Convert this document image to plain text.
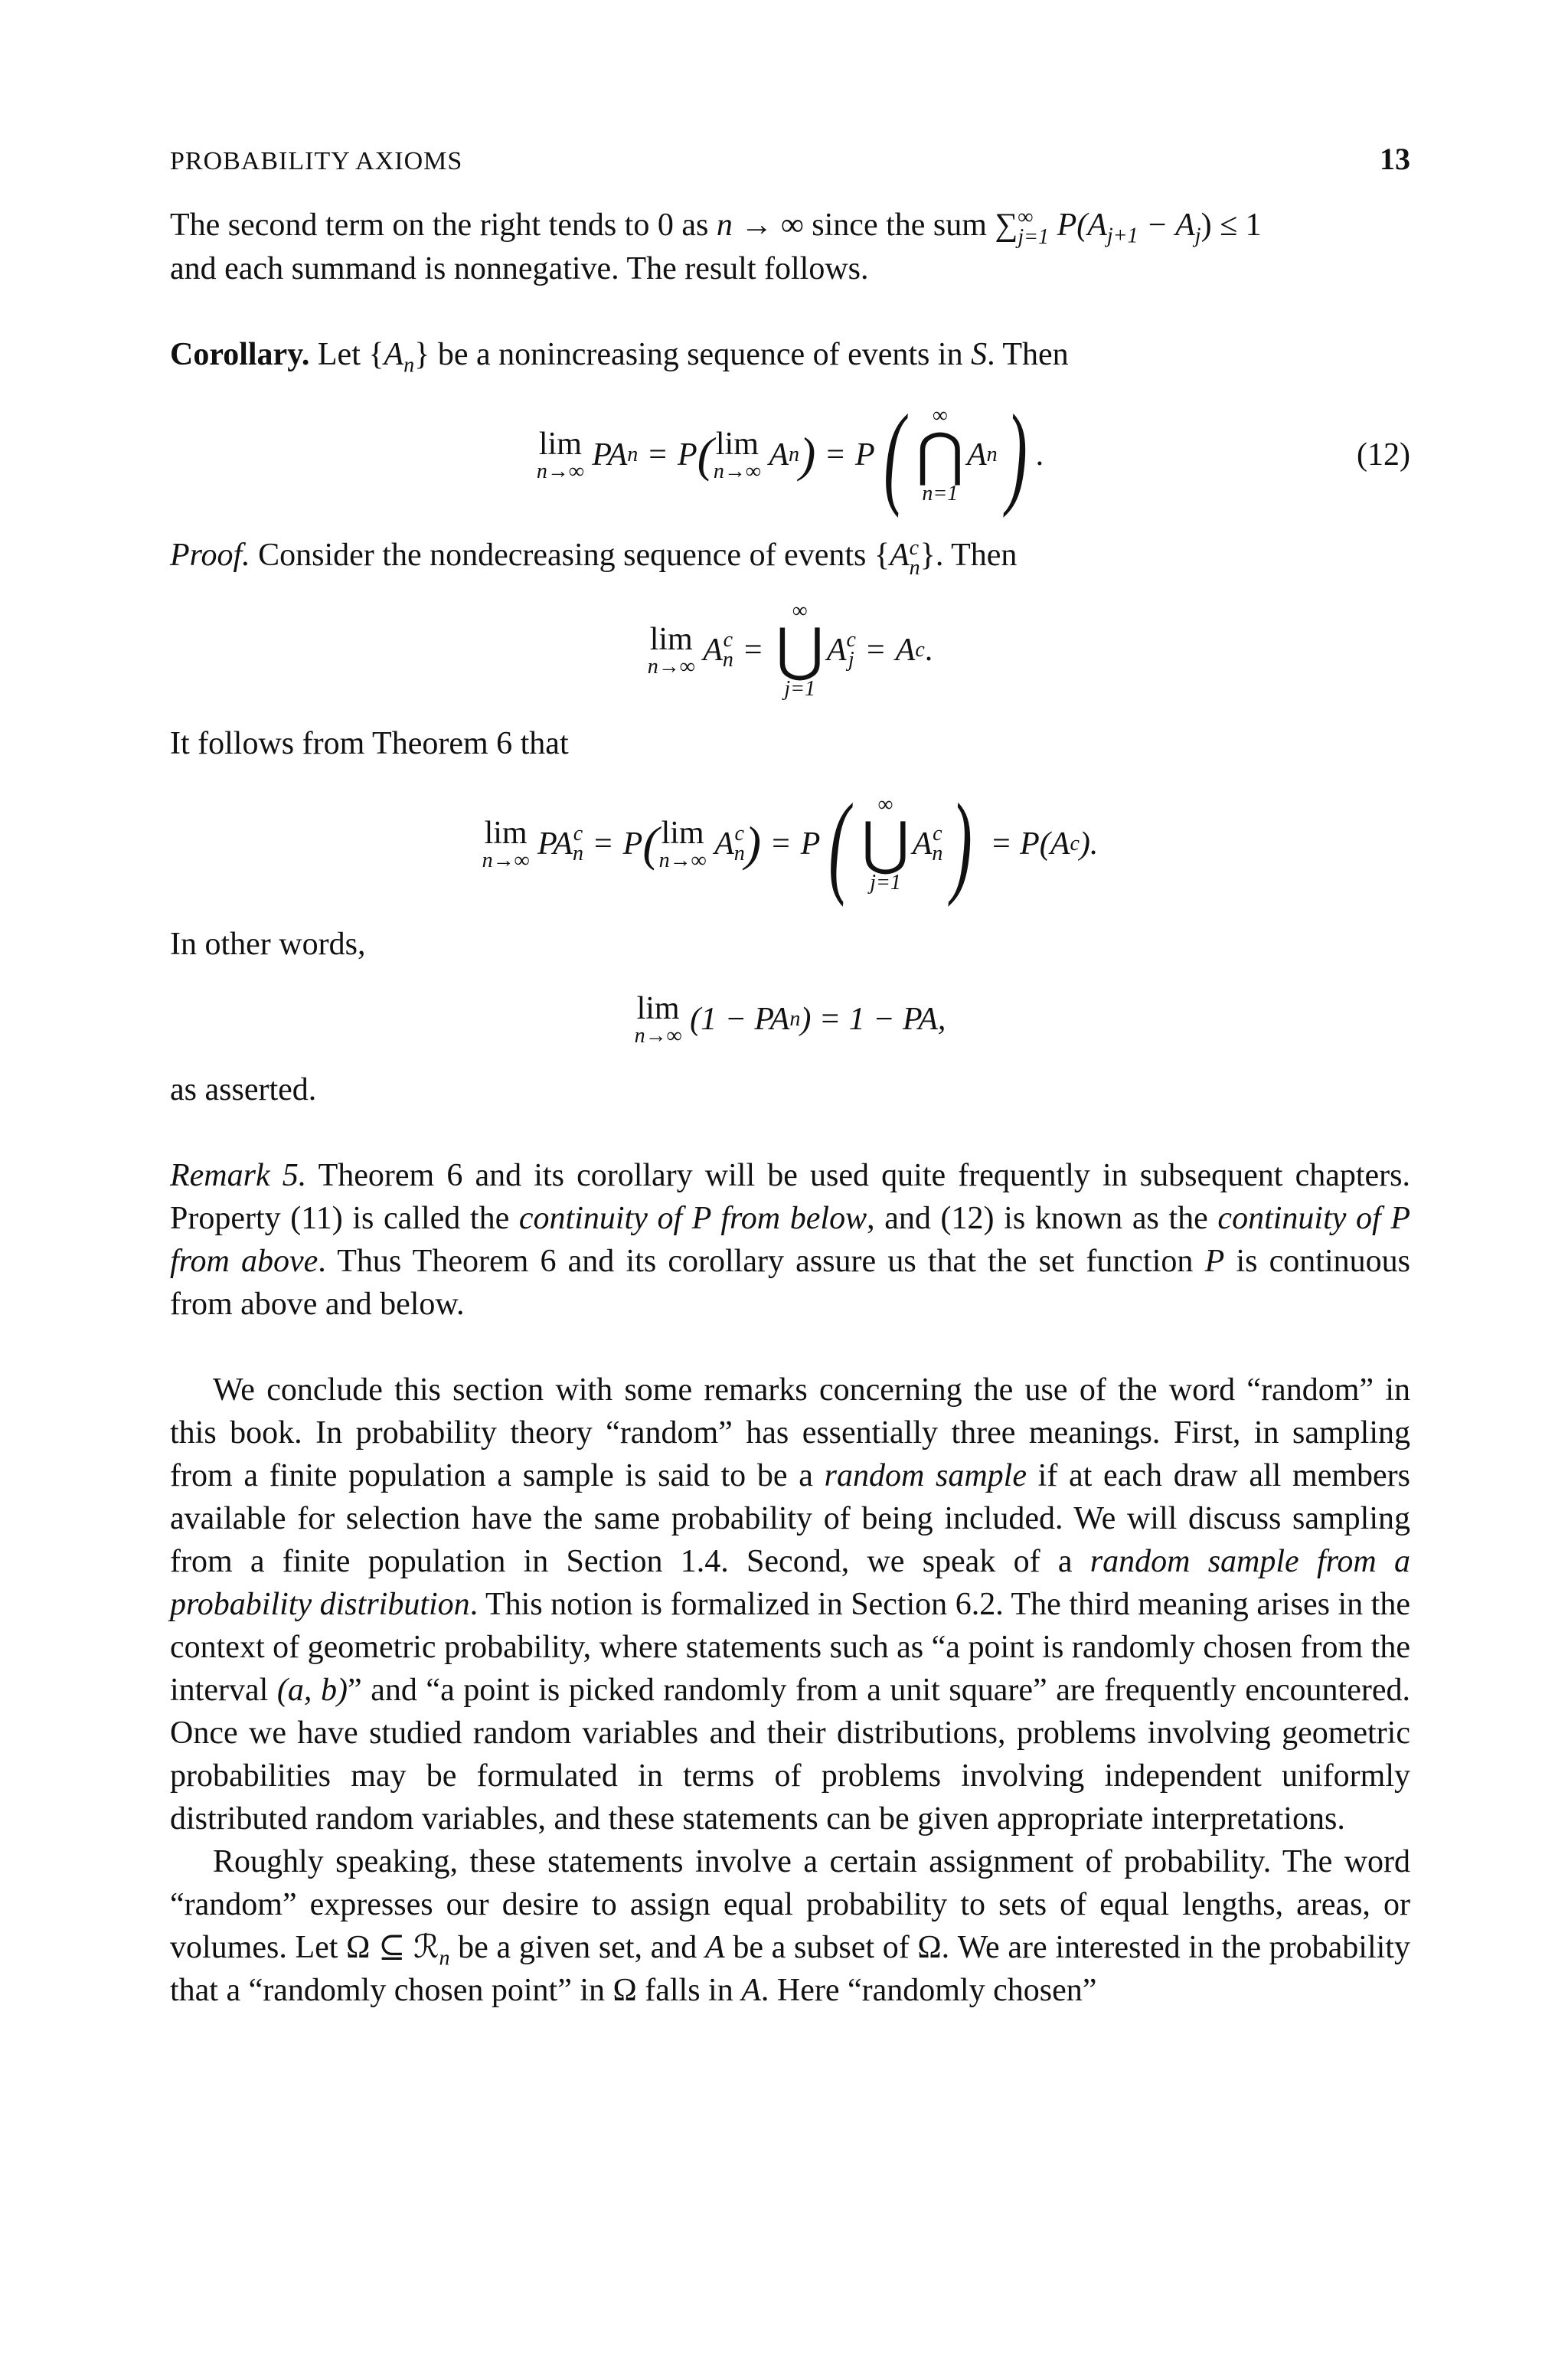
PROBABILITY AXIOMS	13

The second term on the right tends to 0 as n → ∞ since the sum ∑ ∞
j=1 $P(A_{j+1} - A_j) \le 1$
and each summand is nonnegative. The result follows.

Corollary. Let $\{A_n\}$ be a nonincreasing sequence of events in S. Then

lim
n→∞
PA n = P ( lim
n→∞
A n ) = P ( ∞
⋂
n=1
A n ) .	(12)

Proof. Consider the nondecreasing sequence of events {A c
n }. Then

lim
n→∞
A c
n =
∞
⋃
j=1
A c
j = A c .

It follows from Theorem 6 that

lim
n→∞
PA c
n = P ( lim
n→∞
A c
n ) = P ( ∞
⋃
j=1
A c
n ) = P(A c ).

In other words,

lim
n→∞
(1 − PA n ) = 1 − PA,

as asserted.

Remark 5. Theorem 6 and its corollary will be used quite frequently in subsequent chapters. Property (11) is called the continuity of P from below, and (12) is known as the continuity of P from above. Thus Theorem 6 and its corollary assure us that the set function P is continuous from above and below.

We conclude this section with some remarks concerning the use of the word “random” in this book. In probability theory “random” has essentially three meanings. First, in sampling from a finite population a sample is said to be a random sample if at each draw all members available for selection have the same probability of being included. We will discuss sampling from a finite population in Section 1.4. Second, we speak of a random sample from a probability distribution. This notion is formalized in Section 6.2. The third meaning arises in the context of geometric probability, where statements such as “a point is randomly chosen from the interval (a, b)” and “a point is picked randomly from a unit square” are frequently encountered. Once we have studied random variables and their distributions, problems involving geometric probabilities may be formulated in terms of problems involving independent uniformly distributed random variables, and these statements can be given appropriate interpretations.

Roughly speaking, these statements involve a certain assignment of probability. The word “random” expresses our desire to assign equal probability to sets of equal lengths, areas, or volumes. Let Ω ⊆ ℛ$_n$ be a given set, and A be a subset of Ω. We are interested in the probability that a “randomly chosen point” in Ω falls in A. Here “randomly chosen”
